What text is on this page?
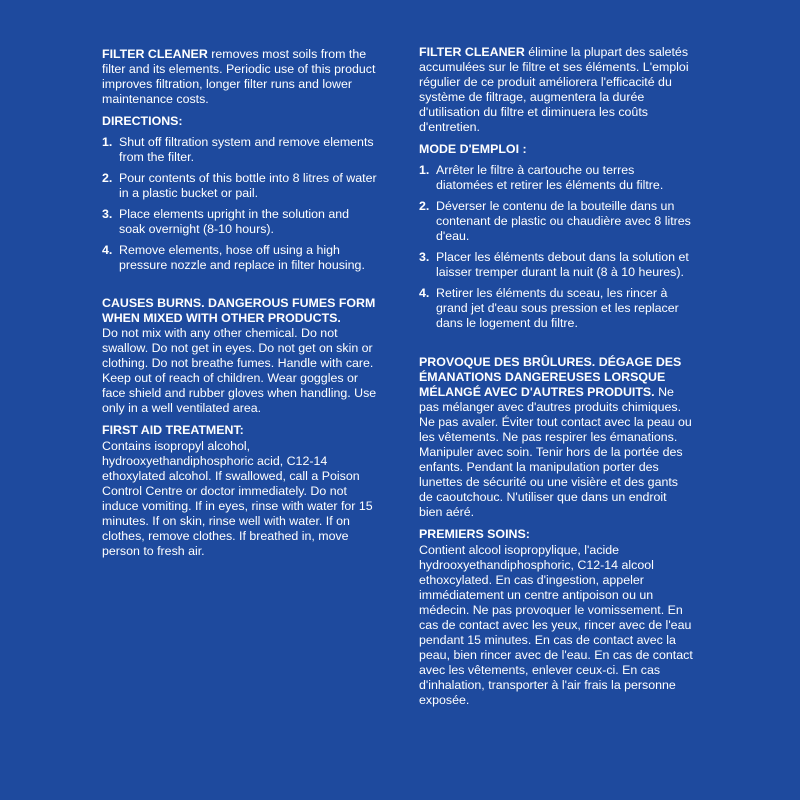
FILTER CLEANER removes most soils from the filter and its elements. Periodic use of this product improves filtration, longer filter runs and lower maintenance costs.

DIRECTIONS:

1. Shut off filtration system and remove elements from the filter.
2. Pour contents of this bottle into 8 litres of water in a plastic bucket or pail.
3. Place elements upright in the solution and soak overnight (8-10 hours).
4. Remove elements, hose off using a high pressure nozzle and replace in filter housing.

CAUSES BURNS. DANGEROUS FUMES FORM WHEN MIXED WITH OTHER PRODUCTS.

Do not mix with any other chemical. Do not swallow. Do not get in eyes. Do not get on skin or clothing. Do not breathe fumes. Handle with care. Keep out of reach of children. Wear goggles or face shield and rubber gloves when handling. Use only in a well ventilated area.

FIRST AID TREATMENT:

Contains isopropyl alcohol, hydrooxyethandiphosphoric acid, C12-14 ethoxylated alcohol. If swallowed, call a Poison Control Centre or doctor immediately. Do not induce vomiting. If in eyes, rinse with water for 15 minutes. If on skin, rinse well with water. If on clothes, remove clothes. If breathed in, move person to fresh air.

FILTER CLEANER élimine la plupart des saletés accumulées sur le filtre et ses éléments. L'emploi régulier de ce produit améliorera l'efficacité du système de filtrage, augmentera la durée d'utilisation du filtre et diminuera les coûts d'entretien.

MODE D'EMPLOI :

1. Arrêter le filtre à cartouche ou terres diatomées et retirer les éléments du filtre.
2. Déverser le contenu de la bouteille dans un contenant de plastic ou chaudière avec 8 litres d'eau.
3. Placer les éléments debout dans la solution et laisser tremper durant la nuit (8 à 10 heures).
4. Retirer les éléments du sceau, les rincer à grand jet d'eau sous pression et les replacer dans le logement du filtre.

PROVOQUE DES BRÛLURES. DÉGAGE DES ÉMANATIONS DANGEREUSES LORSQUE MÉLANGÉ AVEC D'AUTRES PRODUITS. Ne pas mélanger avec d'autres produits chimiques. Ne pas avaler. Éviter tout contact avec la peau ou les vêtements. Ne pas respirer les émanations. Manipuler avec soin. Tenir hors de la portée des enfants. Pendant la manipulation porter des lunettes de sécurité ou une visière et des gants de caoutchouc. N'utiliser que dans un endroit bien aéré.

PREMIERS SOINS:

Contient alcool isopropylique, l'acide hydrooxyethandiphosphoric, C12-14 alcool ethoxcylated. En cas d'ingestion, appeler immédiatement un centre antipoison ou un médecin. Ne pas provoquer le vomissement. En cas de contact avec les yeux, rincer avec de l'eau pendant 15 minutes. En cas de contact avec la peau, bien rincer avec de l'eau. En cas de contact avec les vêtements, enlever ceux-ci. En cas d'inhalation, transporter à l'air frais la personne exposée.
